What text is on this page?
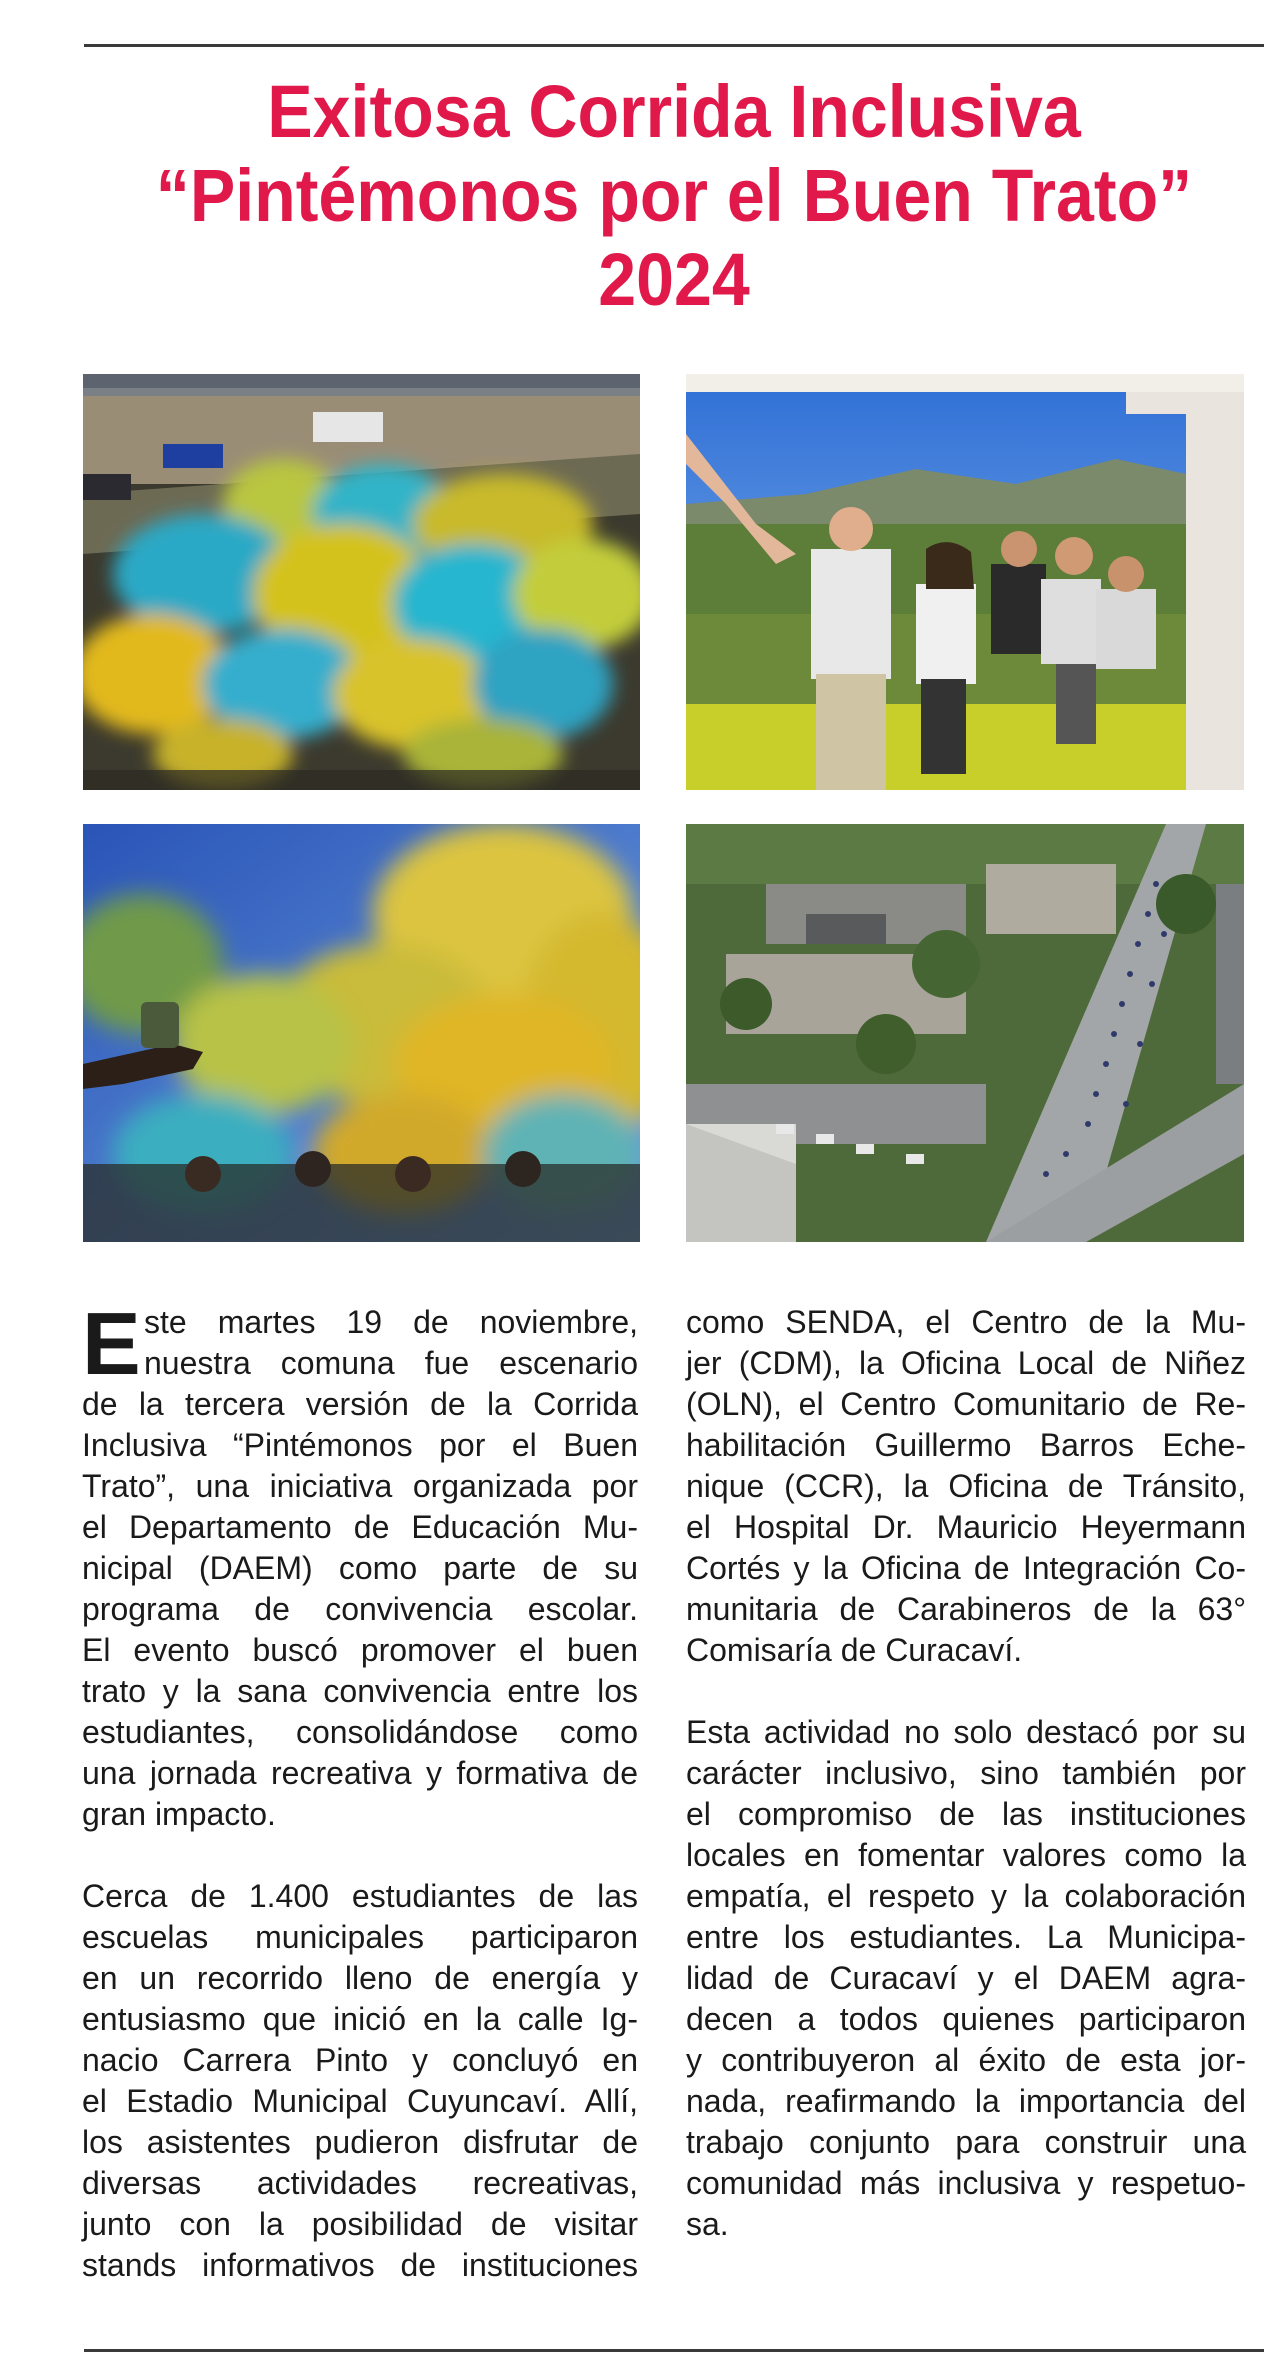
Exitosa Corrida Inclusiva
“Pintémonos por el Buen Trato”
2024
E ste martes 19 de noviembre,
nuestra comuna fue escenario
de la tercera versión de la Corrida
Inclusiva “Pintémonos por el Buen
Trato”, una iniciativa organizada por
el Departamento de Educación Mu-
nicipal (DAEM) como parte de su
programa de convivencia escolar.
El evento buscó promover el buen
trato y la sana convivencia entre los
estudiantes, consolidándose como
una jornada recreativa y formativa de
gran impacto.
Cerca de 1.400 estudiantes de las
escuelas municipales participaron
en un recorrido lleno de energía y
entusiasmo que inició en la calle Ig-
nacio Carrera Pinto y concluyó en
el Estadio Municipal Cuyuncaví. Allí,
los asistentes pudieron disfrutar de
diversas actividades recreativas,
junto con la posibilidad de visitar
stands informativos de instituciones
como SENDA, el Centro de la Mu-
jer (CDM), la Oficina Local de Niñez
(OLN), el Centro Comunitario de Re-
habilitación Guillermo Barros Eche-
nique (CCR), la Oficina de Tránsito,
el Hospital Dr. Mauricio Heyermann
Cortés y la Oficina de Integración Co-
munitaria de Carabineros de la 63°
Comisaría de Curacaví.
Esta actividad no solo destacó por su
carácter inclusivo, sino también por
el compromiso de las instituciones
locales en fomentar valores como la
empatía, el respeto y la colaboración
entre los estudiantes. La Municipa-
lidad de Curacaví y el DAEM agra-
decen a todos quienes participaron
y contribuyeron al éxito de esta jor-
nada, reafirmando la importancia del
trabajo conjunto para construir una
comunidad más inclusiva y respetuo-
sa.
